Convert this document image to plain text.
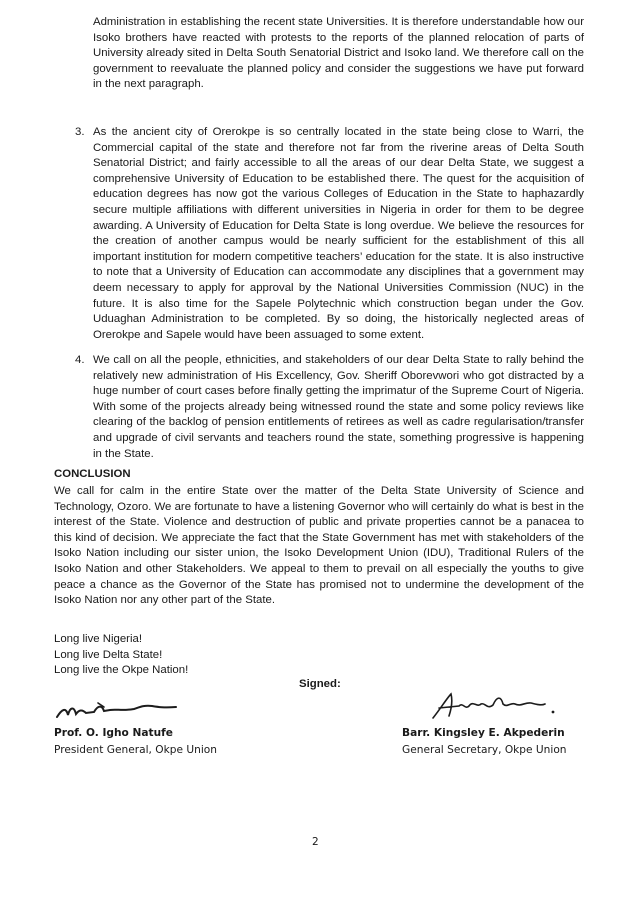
Administration in establishing the recent state Universities. It is therefore understandable how our Isoko brothers have reacted with protests to the reports of the planned relocation of parts of University already sited in Delta South Senatorial District and Isoko land. We therefore call on the government to reevaluate the planned policy and consider the suggestions we have put forward in the next paragraph.
3. As the ancient city of Orerokpe is so centrally located in the state being close to Warri, the Commercial capital of the state and therefore not far from the riverine areas of Delta South Senatorial District; and fairly accessible to all the areas of our dear Delta State, we suggest a comprehensive University of Education to be established there. The quest for the acquisition of education degrees has now got the various Colleges of Education in the State to haphazardly secure multiple affiliations with different universities in Nigeria in order for them to be degree awarding. A University of Education for Delta State is long overdue. We believe the resources for the creation of another campus would be nearly sufficient for the establishment of this all important institution for modern competitive teachers’ education for the state. It is also instructive to note that a University of Education can accommodate any disciplines that a government may deem necessary to apply for approval by the National Universities Commission (NUC) in the future. It is also time for the Sapele Polytechnic which construction began under the Gov. Uduaghan Administration to be completed. By so doing, the historically neglected areas of Orerokpe and Sapele would have been assuaged to some extent.
4. We call on all the people, ethnicities, and stakeholders of our dear Delta State to rally behind the relatively new administration of His Excellency, Gov. Sheriff Oborevwori who got distracted by a huge number of court cases before finally getting the imprimatur of the Supreme Court of Nigeria. With some of the projects already being witnessed round the state and some policy reviews like clearing of the backlog of pension entitlements of retirees as well as cadre regularisation/transfer and upgrade of civil servants and teachers round the state, something progressive is happening in the State.
CONCLUSION
We call for calm in the entire State over the matter of the Delta State University of Science and Technology, Ozoro. We are fortunate to have a listening Governor who will certainly do what is best in the interest of the State. Violence and destruction of public and private properties cannot be a panacea to this kind of decision. We appreciate the fact that the State Government has met with stakeholders of the Isoko Nation including our sister union, the Isoko Development Union (IDU), Traditional Rulers of the Isoko Nation and other Stakeholders. We appeal to them to prevail on all especially the youths to give peace a chance as the Governor of the State has promised not to undermine the development of the Isoko Nation nor any other part of the State.
Long live Nigeria!
Long live Delta State!
Long live the Okpe Nation!
Signed:
Prof. O. Igho Natufe
President General, Okpe Union
Barr. Kingsley E. Akpederin
General Secretary, Okpe Union
2
